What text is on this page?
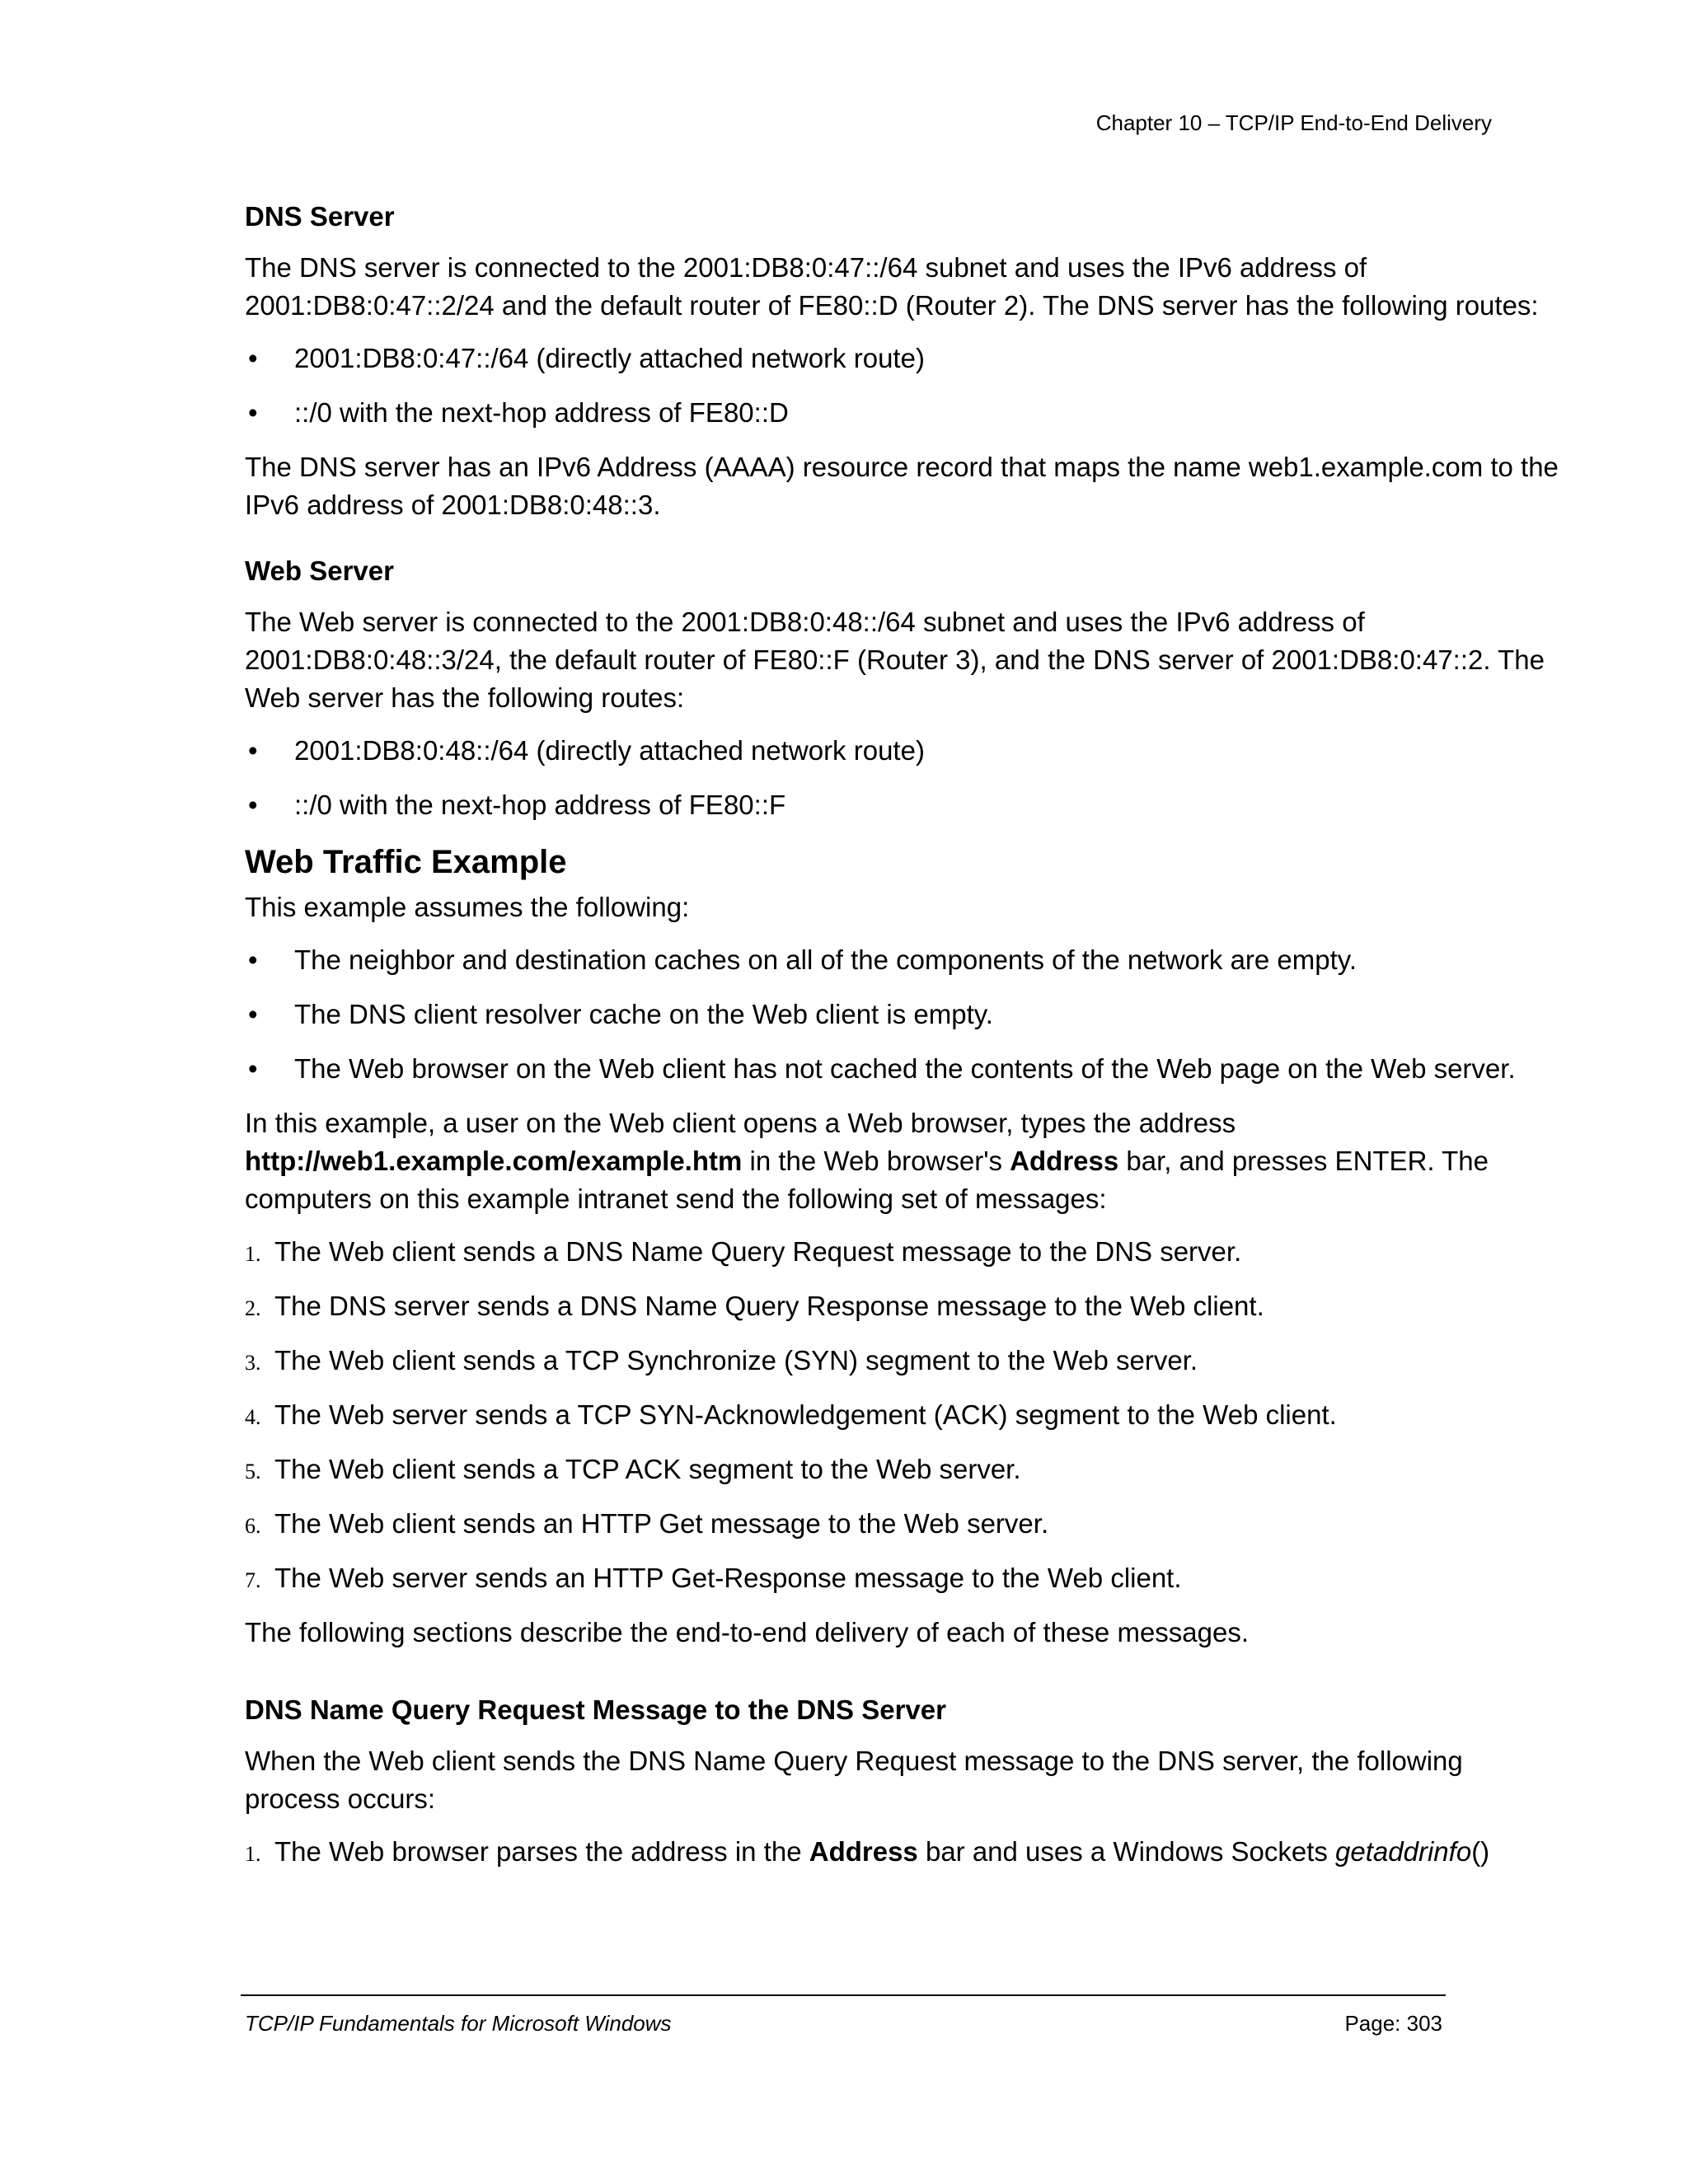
Chapter 10 – TCP/IP End-to-End Delivery
DNS Server
The DNS server is connected to the 2001:DB8:0:47::/64 subnet and uses the IPv6 address of 2001:DB8:0:47::2/24 and the default router of FE80::D (Router 2). The DNS server has the following routes:
• 2001:DB8:0:47::/64 (directly attached network route)
• ::/0 with the next-hop address of FE80::D
The DNS server has an IPv6 Address (AAAA) resource record that maps the name web1.example.com to the IPv6 address of 2001:DB8:0:48::3.
Web Server
The Web server is connected to the 2001:DB8:0:48::/64 subnet and uses the IPv6 address of 2001:DB8:0:48::3/24, the default router of FE80::F (Router 3), and the DNS server of 2001:DB8:0:47::2. The Web server has the following routes:
• 2001:DB8:0:48::/64 (directly attached network route)
• ::/0 with the next-hop address of FE80::F
Web Traffic Example
This example assumes the following:
• The neighbor and destination caches on all of the components of the network are empty.
• The DNS client resolver cache on the Web client is empty.
• The Web browser on the Web client has not cached the contents of the Web page on the Web server.
In this example, a user on the Web client opens a Web browser, types the address
http://web1.example.com/example.htm in the Web browser's Address bar, and presses ENTER. The computers on this example intranet send the following set of messages:
1. The Web client sends a DNS Name Query Request message to the DNS server.
2. The DNS server sends a DNS Name Query Response message to the Web client.
3. The Web client sends a TCP Synchronize (SYN) segment to the Web server.
4. The Web server sends a TCP SYN-Acknowledgement (ACK) segment to the Web client.
5. The Web client sends a TCP ACK segment to the Web server.
6. The Web client sends an HTTP Get message to the Web server.
7. The Web server sends an HTTP Get-Response message to the Web client.
The following sections describe the end-to-end delivery of each of these messages.
DNS Name Query Request Message to the DNS Server
When the Web client sends the DNS Name Query Request message to the DNS server, the following process occurs:
1. The Web browser parses the address in the Address bar and uses a Windows Sockets getaddrinfo()
TCP/IP Fundamentals for Microsoft Windows	Page: 303
